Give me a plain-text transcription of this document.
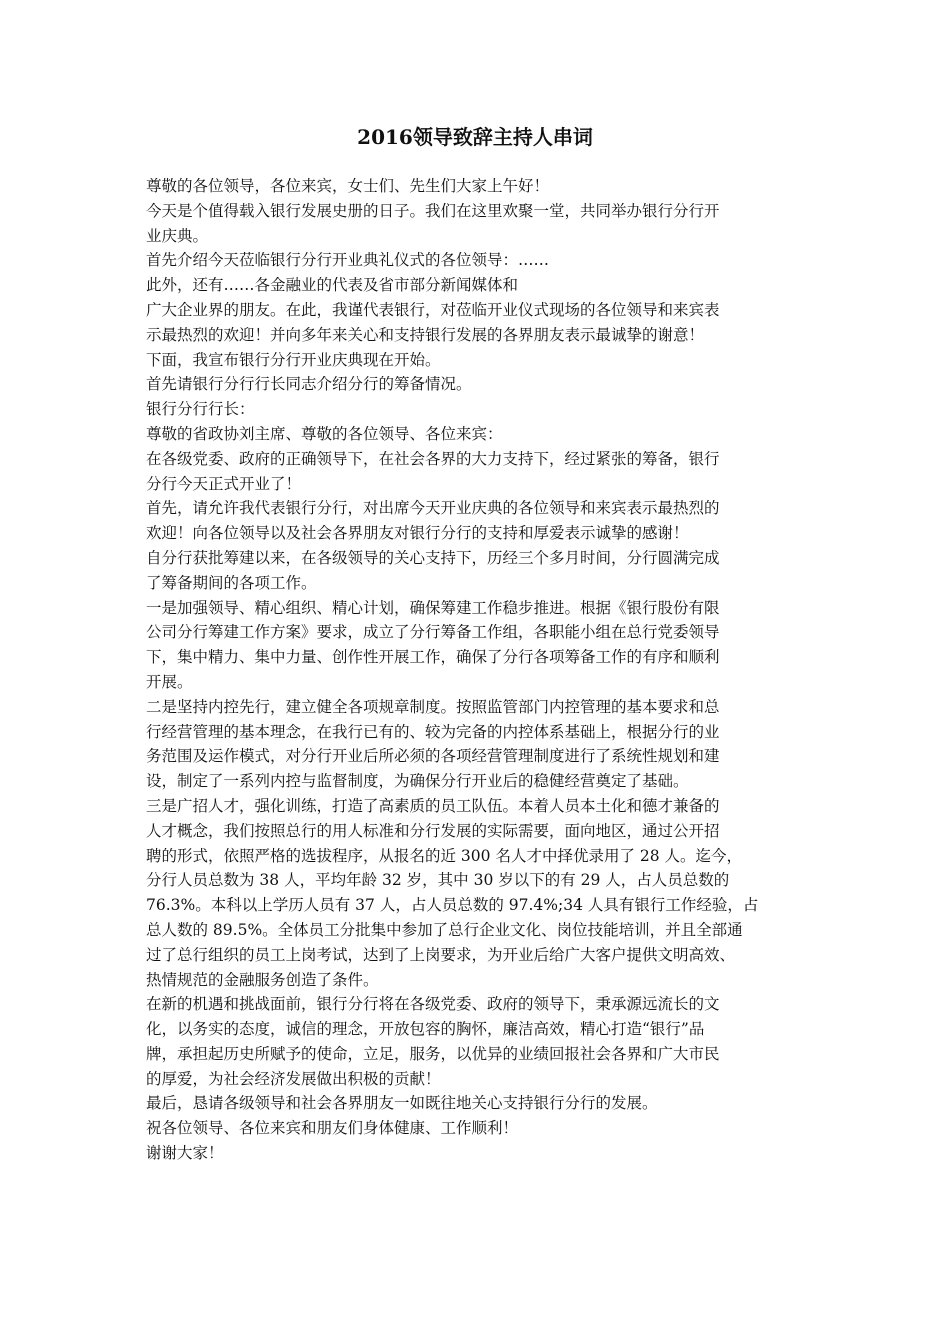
2016领导致辞主持人串词

尊敬的各位领导，各位来宾，女士们、先生们大家上午好！

今天是个值得载入银行发展史册的日子。我们在这里欢聚一堂，共同举办银行分行开

业庆典。

首先介绍今天莅临银行分行开业典礼仪式的各位领导：……

此外，还有……各金融业的代表及省市部分新闻媒体和

广大企业界的朋友。在此，我谨代表银行，对莅临开业仪式现场的各位领导和来宾表

示最热烈的欢迎！并向多年来关心和支持银行发展的各界朋友表示最诚挚的谢意！

下面，我宣布银行分行开业庆典现在开始。

首先请银行分行行长同志介绍分行的筹备情况。

银行分行行长：

尊敬的省政协刘主席、尊敬的各位领导、各位来宾：

在各级党委、政府的正确领导下，在社会各界的大力支持下，经过紧张的筹备，银行

分行今天正式开业了！

首先，请允许我代表银行分行，对出席今天开业庆典的各位领导和来宾表示最热烈的

欢迎！向各位领导以及社会各界朋友对银行分行的支持和厚爱表示诚挚的感谢！

自分行获批筹建以来，在各级领导的关心支持下，历经三个多月时间，分行圆满完成

了筹备期间的各项工作。

一是加强领导、精心组织、精心计划，确保筹建工作稳步推进。根据《银行股份有限

公司分行筹建工作方案》要求，成立了分行筹备工作组，各职能小组在总行党委领导

下，集中精力、集中力量、创作性开展工作，确保了分行各项筹备工作的有序和顺利

开展。

二是坚持内控先行，建立健全各项规章制度。按照监管部门内控管理的基本要求和总

行经营管理的基本理念，在我行已有的、较为完备的内控体系基础上，根据分行的业

务范围及运作模式，对分行开业后所必须的各项经营管理制度进行了系统性规划和建

设，制定了一系列内控与监督制度，为确保分行开业后的稳健经营奠定了基础。

三是广招人才，强化训练，打造了高素质的员工队伍。本着人员本土化和德才兼备的

人才概念，我们按照总行的用人标准和分行发展的实际需要，面向地区，通过公开招

聘的形式，依照严格的选拔程序，从报名的近 300 名人才中择优录用了 28 人。迄今，

分行人员总数为 38 人，平均年龄 32 岁，其中 30 岁以下的有 29 人，占人员总数的

76.3%。本科以上学历人员有 37 人，占人员总数的 97.4%;34 人具有银行工作经验，占

总人数的 89.5%。全体员工分批集中参加了总行企业文化、岗位技能培训，并且全部通

过了总行组织的员工上岗考试，达到了上岗要求，为开业后给广大客户提供文明高效、

热情规范的金融服务创造了条件。

在新的机遇和挑战面前，银行分行将在各级党委、政府的领导下，秉承源远流长的文

化，以务实的态度，诚信的理念，开放包容的胸怀，廉洁高效，精心打造“银行”品

牌，承担起历史所赋予的使命，立足，服务，以优异的业绩回报社会各界和广大市民

的厚爱，为社会经济发展做出积极的贡献！

最后，恳请各级领导和社会各界朋友一如既往地关心支持银行分行的发展。

祝各位领导、各位来宾和朋友们身体健康、工作顺利！

谢谢大家！
